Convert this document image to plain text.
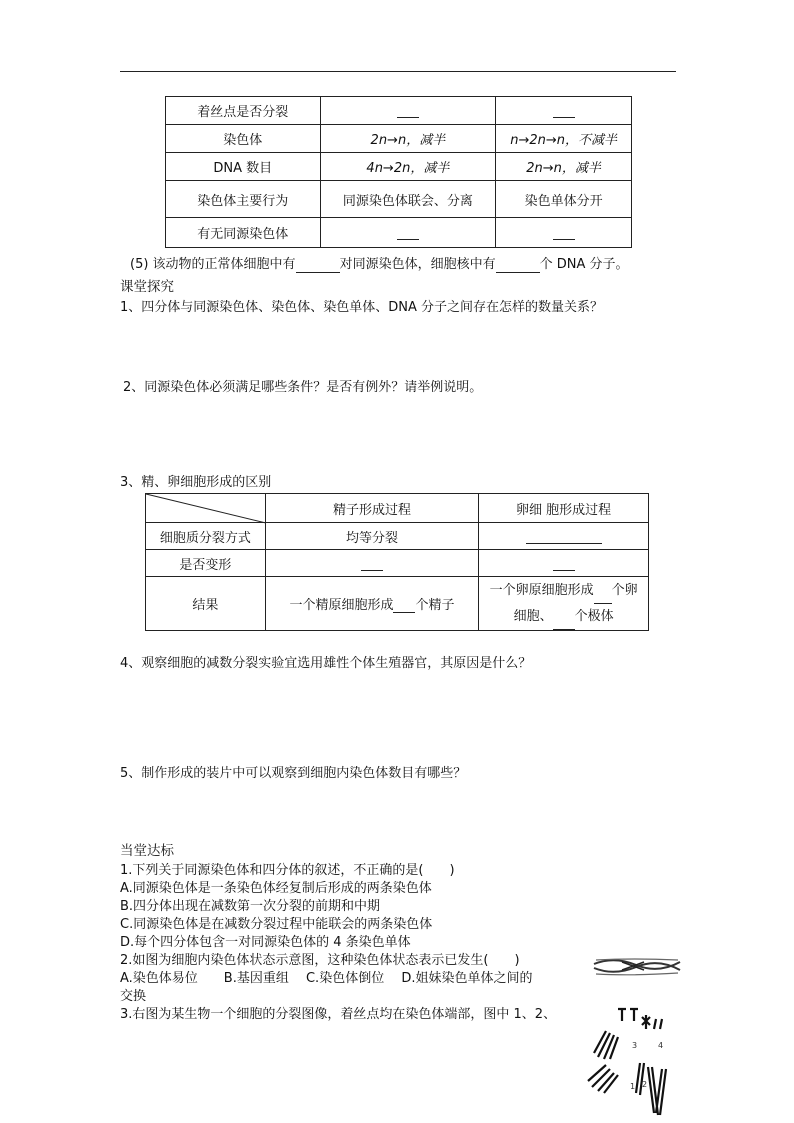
着丝点是否分裂		
染色体	2n→n，减半	n→2n→n，不减半
DNA 数目	4n→2n，减半	2n→n，减半
染色体主要行为	同源染色体联会、分离	染色单体分开
有无同源染色体		
(5) 该动物的正常体细胞中有	对同源染色体，细胞核中有	个 DNA 分子。
课堂探究
1、四分体与同源染色体、染色体、染色单体、DNA 分子之间存在怎样的数量关系？
2、同源染色体必须满足哪些条件？是否有例外？请举例说明。
3、精、卵细胞形成的区别
	精子形成过程	卵细 胞形成过程
细胞质分裂方式	均等分裂	
是否变形		
结果	一个精原细胞形成 个精子	一个卵原细胞形成 个卵
细胞、 个极体
4、观察细胞的减数分裂实验宜选用雄性个体生殖器官，其原因是什么？
5、制作形成的装片中可以观察到细胞内染色体数目有哪些？
当堂达标
1.下列关于同源染色体和四分体的叙述，不正确的是(　　)
A.同源染色体是一条染色体经复制后形成的两条染色体
B.四分体出现在减数第一次分裂的前期和中期
C.同源染色体是在减数分裂过程中能联会的两条染色体
D.每个四分体包含一对同源染色体的 4 条染色单体
2.如图为细胞内染色体状态示意图，这种染色体状态表示已发生(　　)
A.染色体易位　　B.基因重组　 C.染色体倒位　 D.姐妹染色单体之间的
交换
3.右图为某生物一个细胞的分裂图像，着丝点均在染色体端部，图中 1、2、
3	4
1 2
